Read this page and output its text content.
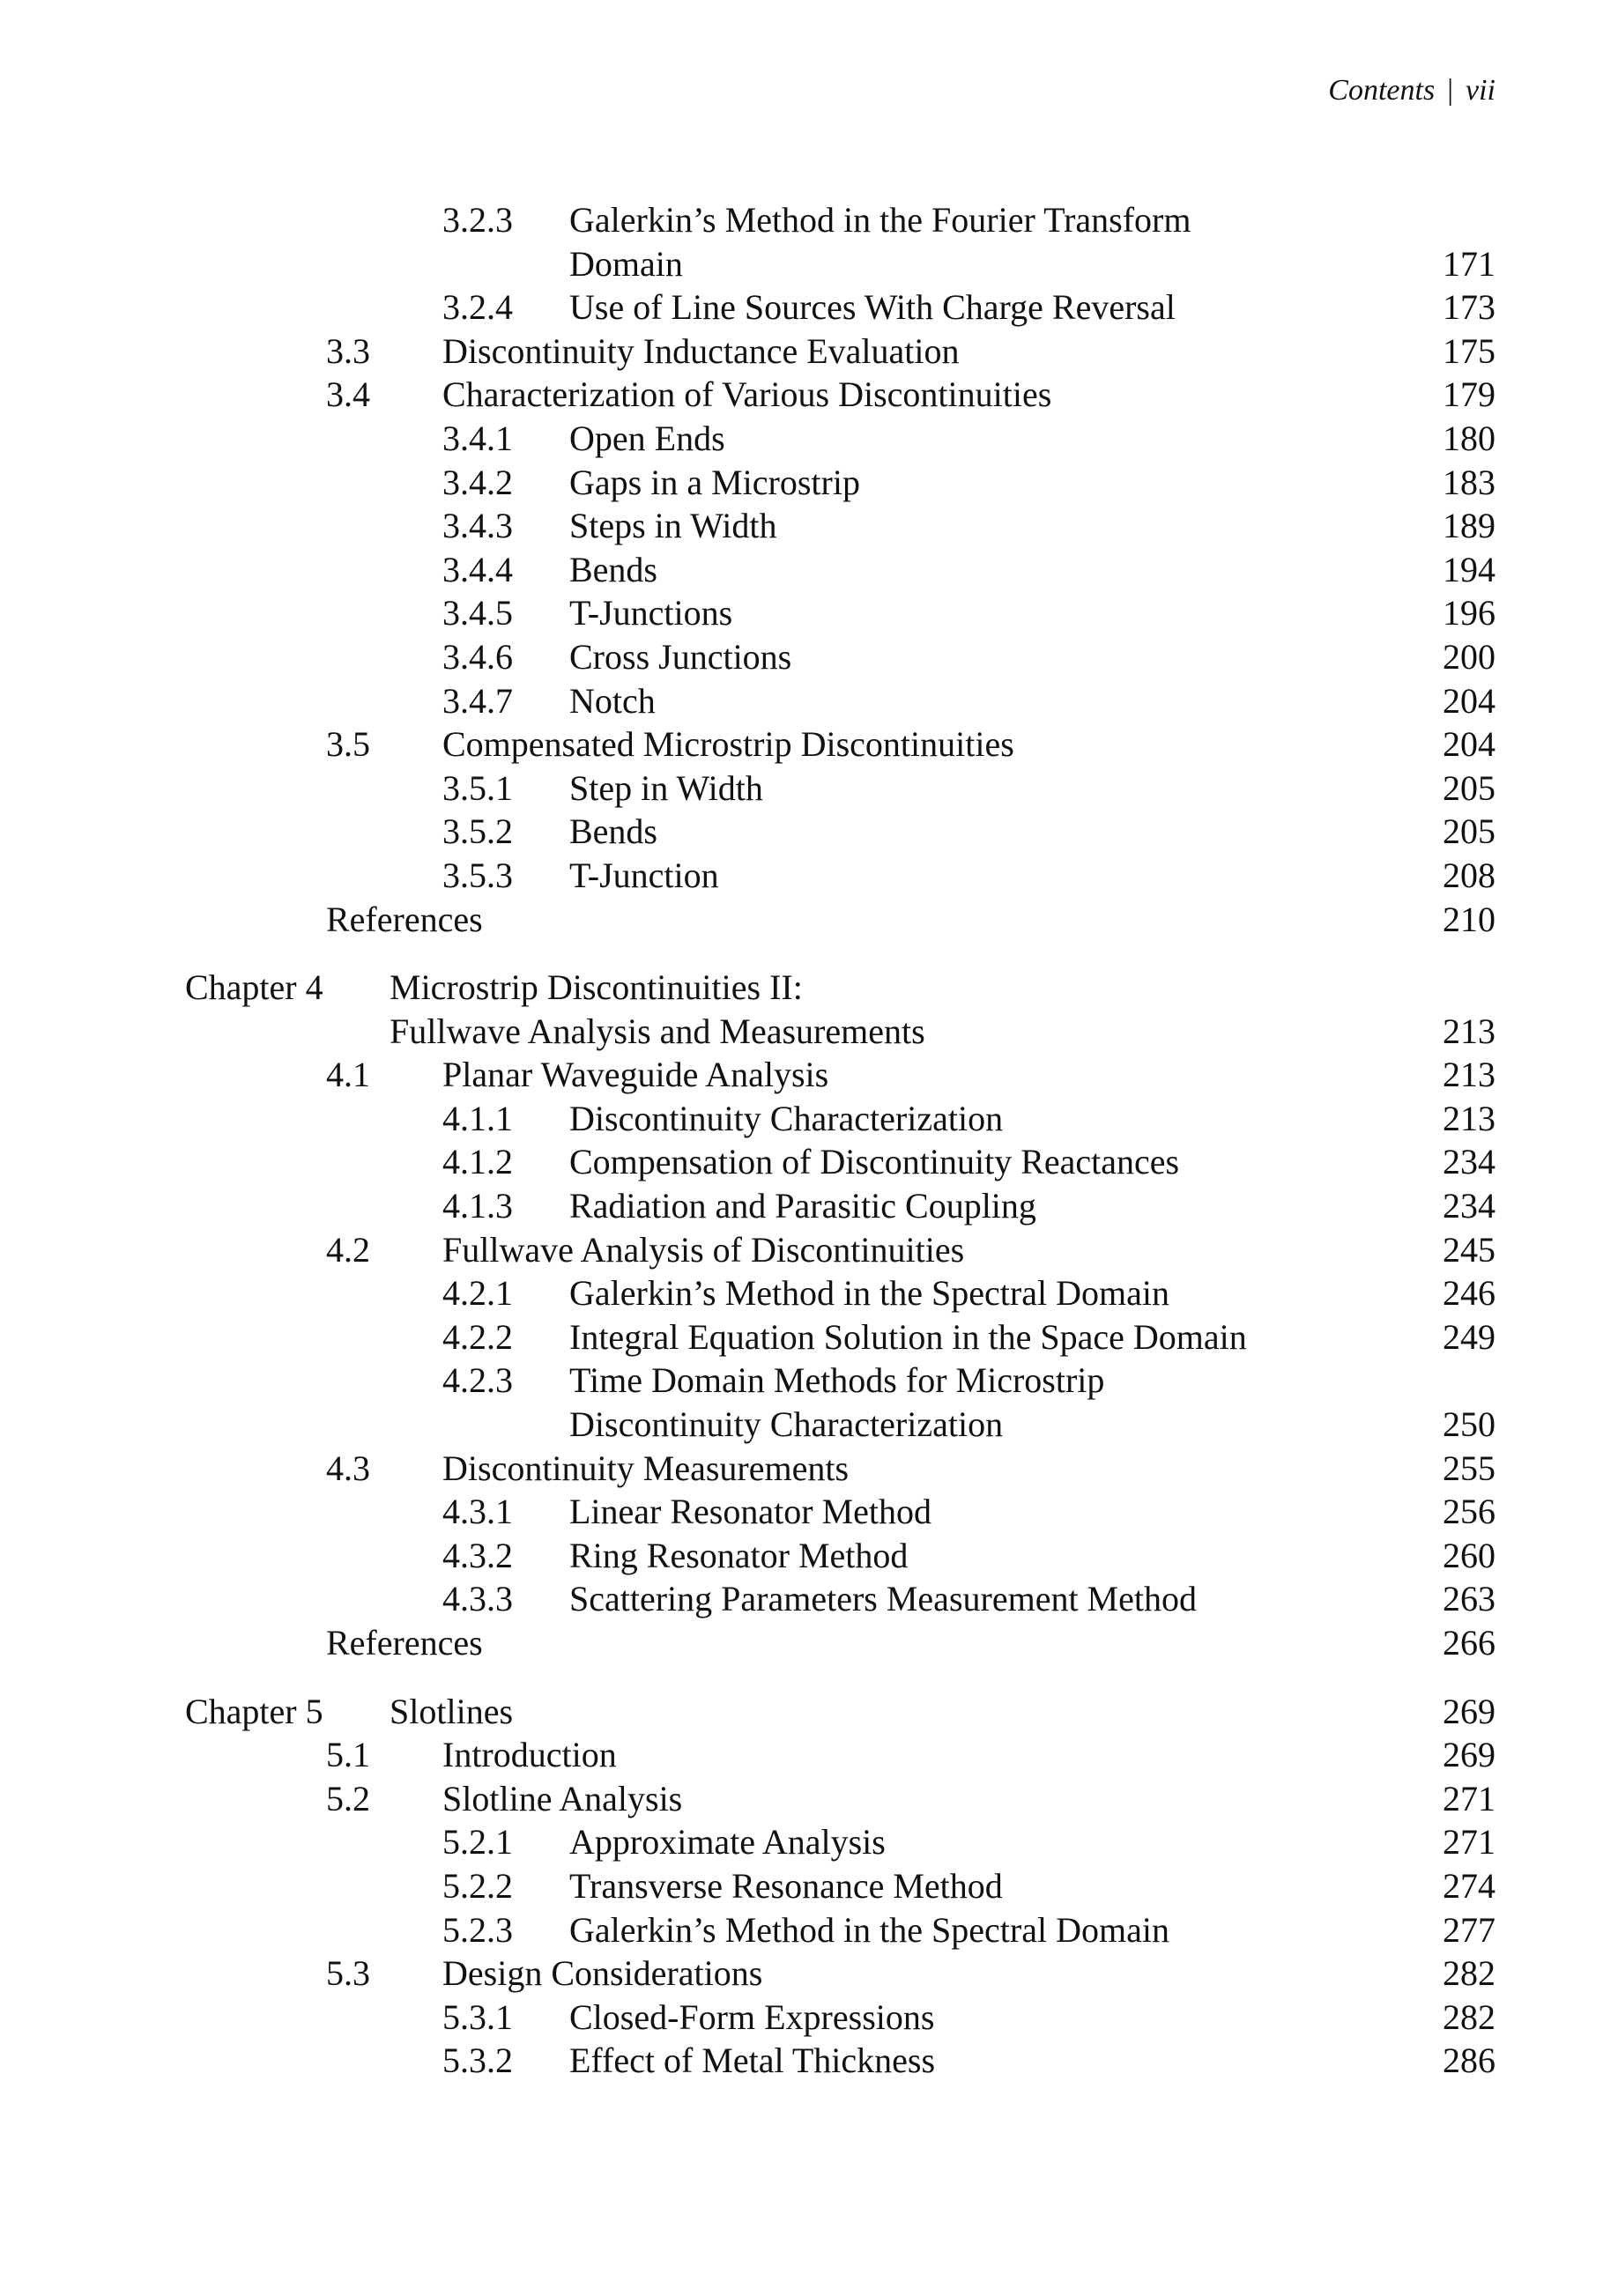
Contents | vii
3.2.3 Galerkin’s Method in the Fourier Transform
Domain	171
3.2.4 Use of Line Sources With Charge Reversal	173
3.3 Discontinuity Inductance Evaluation	175
3.4 Characterization of Various Discontinuities	179
3.4.1 Open Ends	180
3.4.2 Gaps in a Microstrip	183
3.4.3 Steps in Width	189
3.4.4 Bends	194
3.4.5 T-Junctions	196
3.4.6 Cross Junctions	200
3.4.7 Notch	204
3.5 Compensated Microstrip Discontinuities	204
3.5.1 Step in Width	205
3.5.2 Bends	205
3.5.3 T-Junction	208
References	210
Chapter 4 Microstrip Discontinuities II:
Fullwave Analysis and Measurements	213
4.1 Planar Waveguide Analysis	213
4.1.1 Discontinuity Characterization	213
4.1.2 Compensation of Discontinuity Reactances	234
4.1.3 Radiation and Parasitic Coupling	234
4.2 Fullwave Analysis of Discontinuities	245
4.2.1 Galerkin’s Method in the Spectral Domain	246
4.2.2 Integral Equation Solution in the Space Domain	249
4.2.3 Time Domain Methods for Microstrip
Discontinuity Characterization	250
4.3 Discontinuity Measurements	255
4.3.1 Linear Resonator Method	256
4.3.2 Ring Resonator Method	260
4.3.3 Scattering Parameters Measurement Method	263
References	266
Chapter 5 Slotlines	269
5.1 Introduction	269
5.2 Slotline Analysis	271
5.2.1 Approximate Analysis	271
5.2.2 Transverse Resonance Method	274
5.2.3 Galerkin’s Method in the Spectral Domain	277
5.3 Design Considerations	282
5.3.1 Closed-Form Expressions	282
5.3.2 Effect of Metal Thickness	286
